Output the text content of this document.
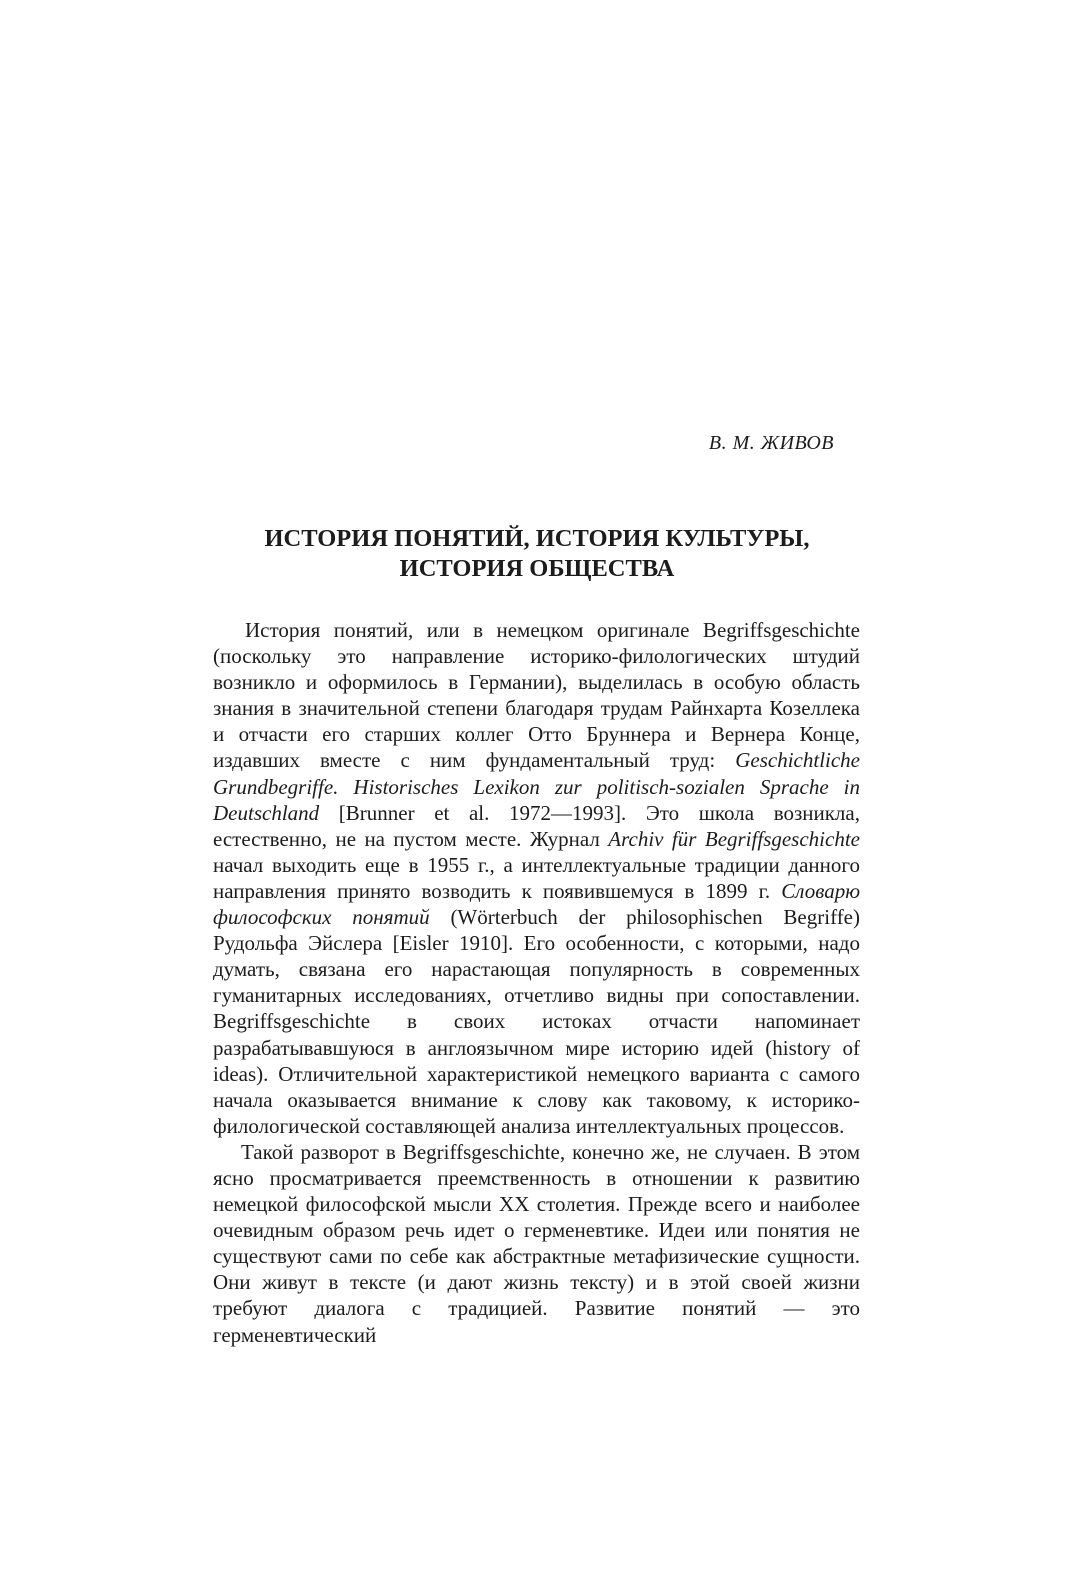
В. М. ЖИВОВ
ИСТОРИЯ ПОНЯТИЙ, ИСТОРИЯ КУЛЬТУРЫ,
ИСТОРИЯ ОБЩЕСТВА

История понятий, или в немецком оригинале Begriffsgeschichte (поскольку это направление историко-филологических штудий возникло и оформилось в Германии), выделилась в особую область знания в значительной степени благодаря трудам Райнхарта Козеллека и отчасти его старших коллег Отто Бруннера и Вернера Конце, издавших вместе с ним фундаментальный труд: Geschichtliche Grundbegriffe. Historisches Lexikon zur politisch-sozialen Sprache in Deutschland [Brunner et al. 1972—1993]. Это школа возникла, естественно, не на пустом месте. Журнал Archiv für Begriffsgeschichte начал выходить еще в 1955 г., а интеллектуальные традиции данного направления принято возводить к появившемуся в 1899 г. Словарю философских понятий (Wörterbuch der philosophischen Begriffe) Рудольфа Эйслера [Eisler 1910]. Его особенности, с которыми, надо думать, связана его нарастающая популярность в современных гуманитарных исследованиях, отчетливо видны при сопоставлении. Begriffsgeschichte в своих истоках отчасти напоминает разрабатывавшуюся в англоязычном мире историю идей (history of ideas). Отличительной характеристикой немецкого варианта с самого начала оказывается внимание к слову как таковому, к историко-филологической составляющей анализа интеллектуальных процессов.

Такой разворот в Begriffsgeschichte, конечно же, не случаен. В этом ясно просматривается преемственность в отношении к развитию немецкой философской мысли XX столетия. Прежде всего и наиболее очевидным образом речь идет о герменевтике. Идеи или понятия не существуют сами по себе как абстрактные метафизические сущности. Они живут в тексте (и дают жизнь тексту) и в этой своей жизни требуют диалога с традицией. Развитие понятий — это герменевтический
